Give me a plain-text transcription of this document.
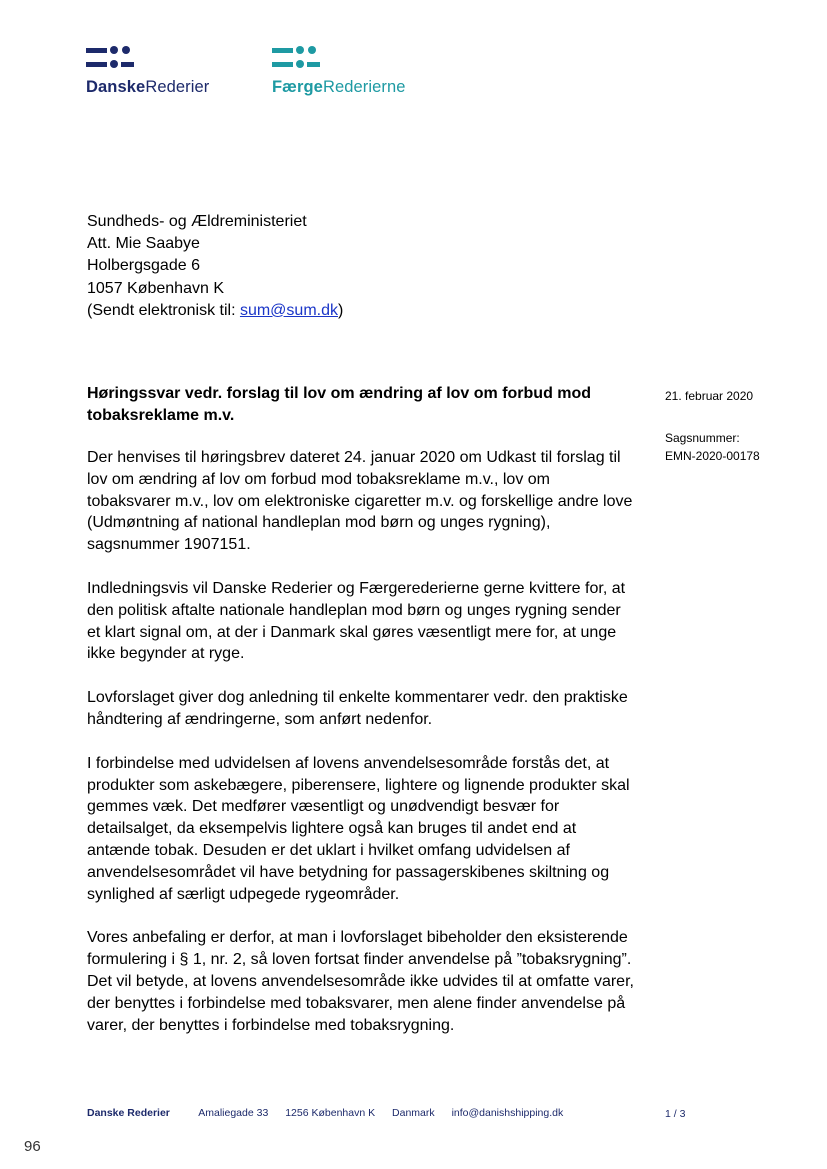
DanskeRederier	FærgeRederierne
Sundheds- og Ældreministeriet
Att. Mie Saabye
Holbergsgade 6
1057 København K
(Sendt elektronisk til: sum@sum.dk)
Høringssvar vedr. forslag til lov om ændring af lov om forbud mod tobaksreklame m.v.
21. februar 2020
Sagsnummer:
EMN-2020-00178

Der henvises til høringsbrev dateret 24. januar 2020 om Udkast til forslag til lov om ændring af lov om forbud mod tobaksreklame m.v., lov om tobaksvarer m.v., lov om elektroniske cigaretter m.v. og forskellige andre love (Udmøntning af national handleplan mod børn og unges rygning), sagsnummer 1907151.

Indledningsvis vil Danske Rederier og Færgerederierne gerne kvittere for, at den politisk aftalte nationale handleplan mod børn og unges rygning sender et klart signal om, at der i Danmark skal gøres væsentligt mere for, at unge ikke begynder at ryge.

Lovforslaget giver dog anledning til enkelte kommentarer vedr. den praktiske håndtering af ændringerne, som anført nedenfor.

I forbindelse med udvidelsen af lovens anvendelsesområde forstås det, at produkter som askebægere, piberensere, lightere og lignende produkter skal gemmes væk. Det medfører væsentligt og unødvendigt besvær for detailsalget, da eksempelvis lightere også kan bruges til andet end at antænde tobak. Desuden er det uklart i hvilket omfang udvidelsen af anvendelsesområdet vil have betydning for passagerskibenes skiltning og synlighed af særligt udpegede rygeområder.

Vores anbefaling er derfor, at man i lovforslaget bibeholder den eksisterende formulering i § 1, nr. 2, så loven fortsat finder anvendelse på ”tobaksrygning”. Det vil betyde, at lovens anvendelsesområde ikke udvides til at omfatte varer, der benyttes i forbindelse med tobaksvarer, men alene finder anvendelse på varer, der benyttes i forbindelse med tobaksrygning.

Danske Rederier	Amaliegade 33 1256 København K Danmark info@danishshipping.dk	1 / 3
96
